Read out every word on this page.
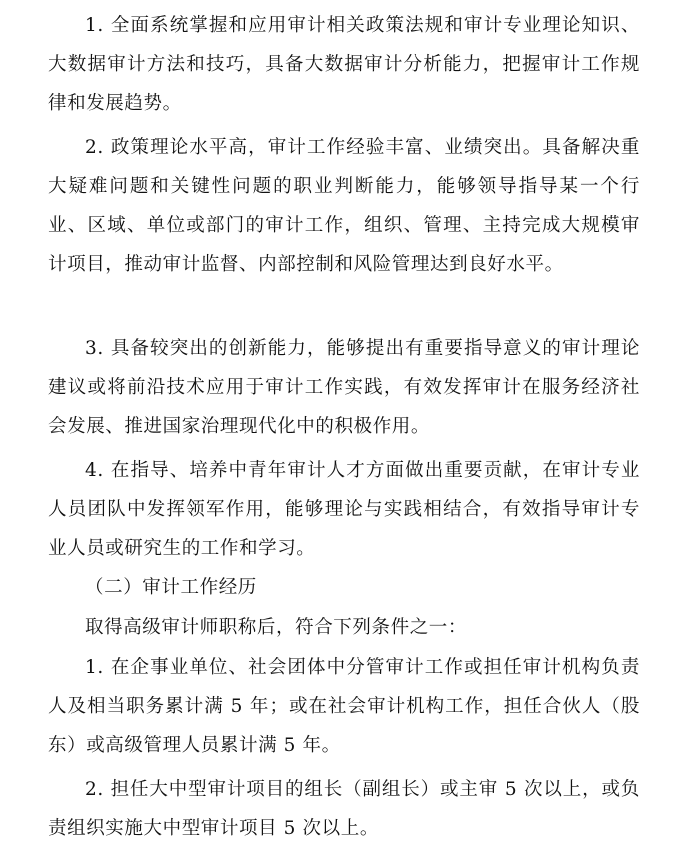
1. 全面系统掌握和应用审计相关政策法规和审计专业理论知识、大数据审计方法和技巧，具备大数据审计分析能力，把握审计工作规律和发展趋势。

2. 政策理论水平高，审计工作经验丰富、业绩突出。具备解决重大疑难问题和关键性问题的职业判断能力，能够领导指导某一个行业、区域、单位或部门的审计工作，组织、管理、主持完成大规模审计项目，推动审计监督、内部控制和风险管理达到良好水平。

3. 具备较突出的创新能力，能够提出有重要指导意义的审计理论建议或将前沿技术应用于审计工作实践，有效发挥审计在服务经济社会发展、推进国家治理现代化中的积极作用。

4. 在指导、培养中青年审计人才方面做出重要贡献，在审计专业人员团队中发挥领军作用，能够理论与实践相结合，有效指导审计专业人员或研究生的工作和学习。

（二）审计工作经历

取得高级审计师职称后，符合下列条件之一：

1. 在企事业单位、社会团体中分管审计工作或担任审计机构负责人及相当职务累计满 5 年；或在社会审计机构工作，担任合伙人（股东）或高级管理人员累计满 5 年。

2. 担任大中型审计项目的组长（副组长）或主审 5 次以上，或负责组织实施大中型审计项目 5 次以上。
